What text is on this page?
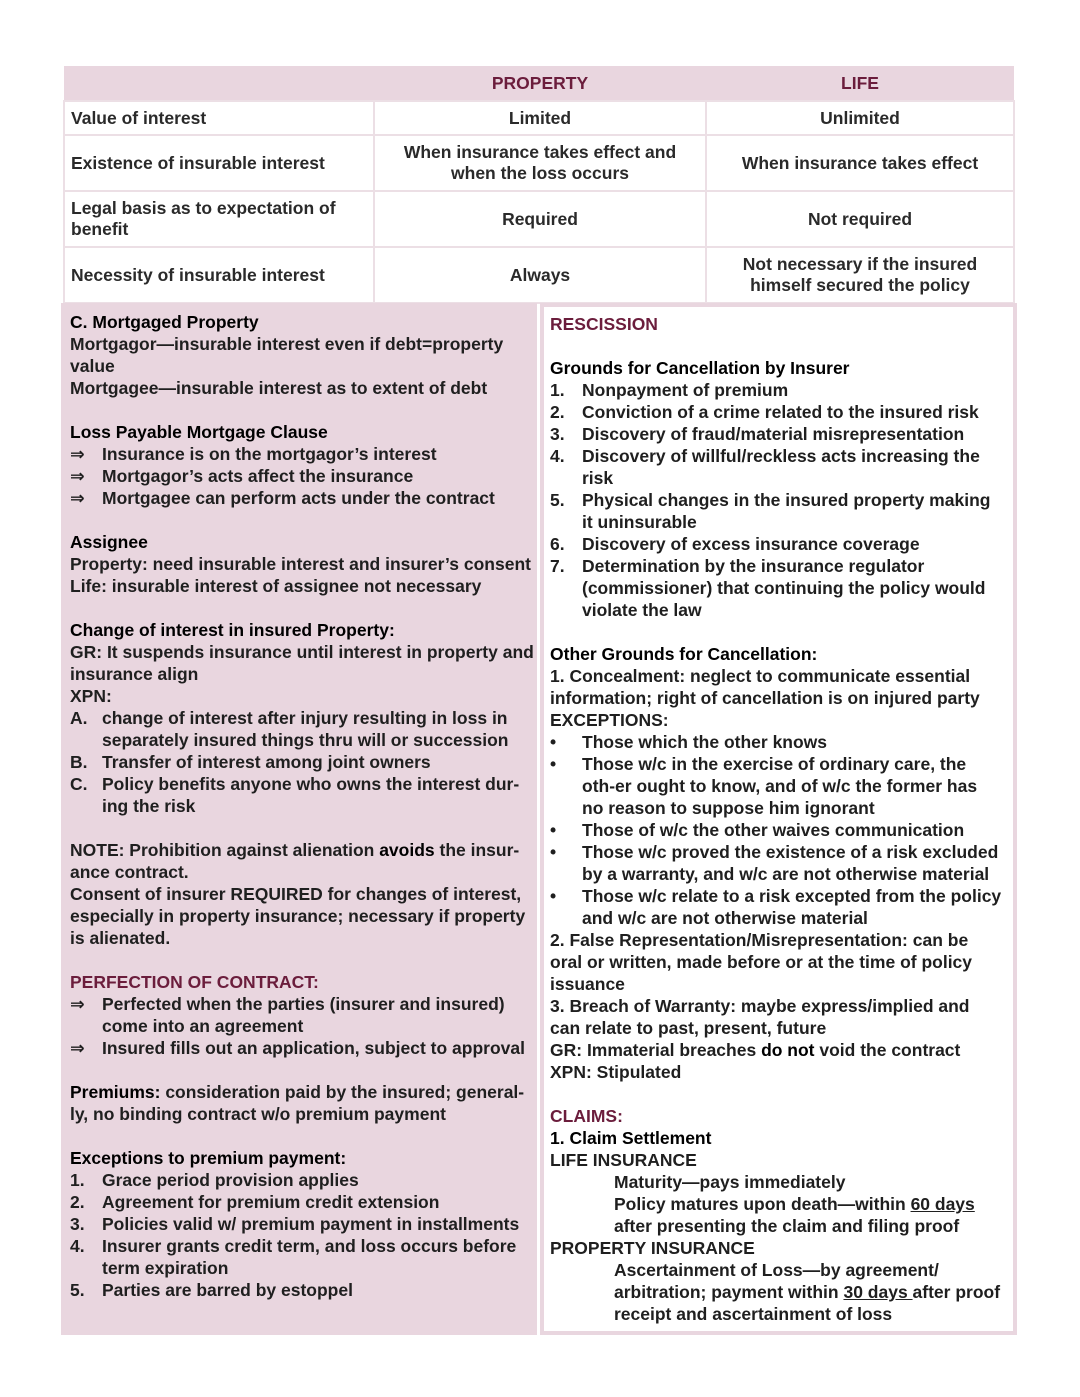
	PROPERTY	LIFE
Value of interest	Limited	Unlimited
Existence of insurable interest	When insurance takes effect and when the loss occurs	When insurance takes effect
Legal basis as to expectation of benefit	Required	Not required
Necessity of insurable interest	Always	Not necessary if the insured himself secured the policy
C. Mortgaged Property
Mortgagor—insurable interest even if debt=property value
Mortgagee—insurable interest as to extent of debt
Loss Payable Mortgage Clause
⇒ Insurance is on the mortgagor’s interest
⇒ Mortgagor’s acts affect the insurance
⇒ Mortgagee can perform acts under the contract
Assignee
Property: need insurable interest and insurer’s consent
Life: insurable interest of assignee not necessary
Change of interest in insured Property:
GR: It suspends insurance until interest in property and insurance align
XPN:
A. change of interest after injury resulting in loss in separately insured things thru will or succession
B. Transfer of interest among joint owners
C. Policy benefits anyone who owns the interest dur-ing the risk
NOTE: Prohibition against alienation avoids the insur-ance contract.
Consent of insurer REQUIRED for changes of interest, especially in property insurance; necessary if property is alienated.
PERFECTION OF CONTRACT:
⇒ Perfected when the parties (insurer and insured) come into an agreement
⇒ Insured fills out an application, subject to approval
Premiums: consideration paid by the insured; general-ly, no binding contract w/o premium payment
Exceptions to premium payment:
1. Grace period provision applies
2. Agreement for premium credit extension
3. Policies valid w/ premium payment in installments
4. Insurer grants credit term, and loss occurs before term expiration
5. Parties are barred by estoppel
RESCISSION
Grounds for Cancellation by Insurer
1. Nonpayment of premium
2. Conviction of a crime related to the insured risk
3. Discovery of fraud/material misrepresentation
4. Discovery of willful/reckless acts increasing the risk
5. Physical changes in the insured property making it uninsurable
6. Discovery of excess insurance coverage
7. Determination by the insurance regulator (commissioner) that continuing the policy would violate the law
Other Grounds for Cancellation:
1. Concealment: neglect to communicate essential information; right of cancellation is on injured party
EXCEPTIONS:
•	Those which the other knows
•	Those w/c in the exercise of ordinary care, the oth-er ought to know, and of w/c the former has no reason to suppose him ignorant
•	Those of w/c the other waives communication
•	Those w/c proved the existence of a risk excluded by a warranty, and w/c are not otherwise material
•	Those w/c relate to a risk excepted from the policy and w/c are not otherwise material
2. False Representation/Misrepresentation: can be oral or written, made before or at the time of policy issuance
3. Breach of Warranty: maybe express/implied and can relate to past, present, future
GR: Immaterial breaches do not void the contract
XPN: Stipulated
CLAIMS:
1. Claim Settlement
LIFE INSURANCE
Maturity—pays immediately
Policy matures upon death—within 60 days
after presenting the claim and filing proof
PROPERTY INSURANCE
Ascertainment of Loss—by agreement/ arbitration; payment within 30 days after proof receipt and ascertainment of loss
